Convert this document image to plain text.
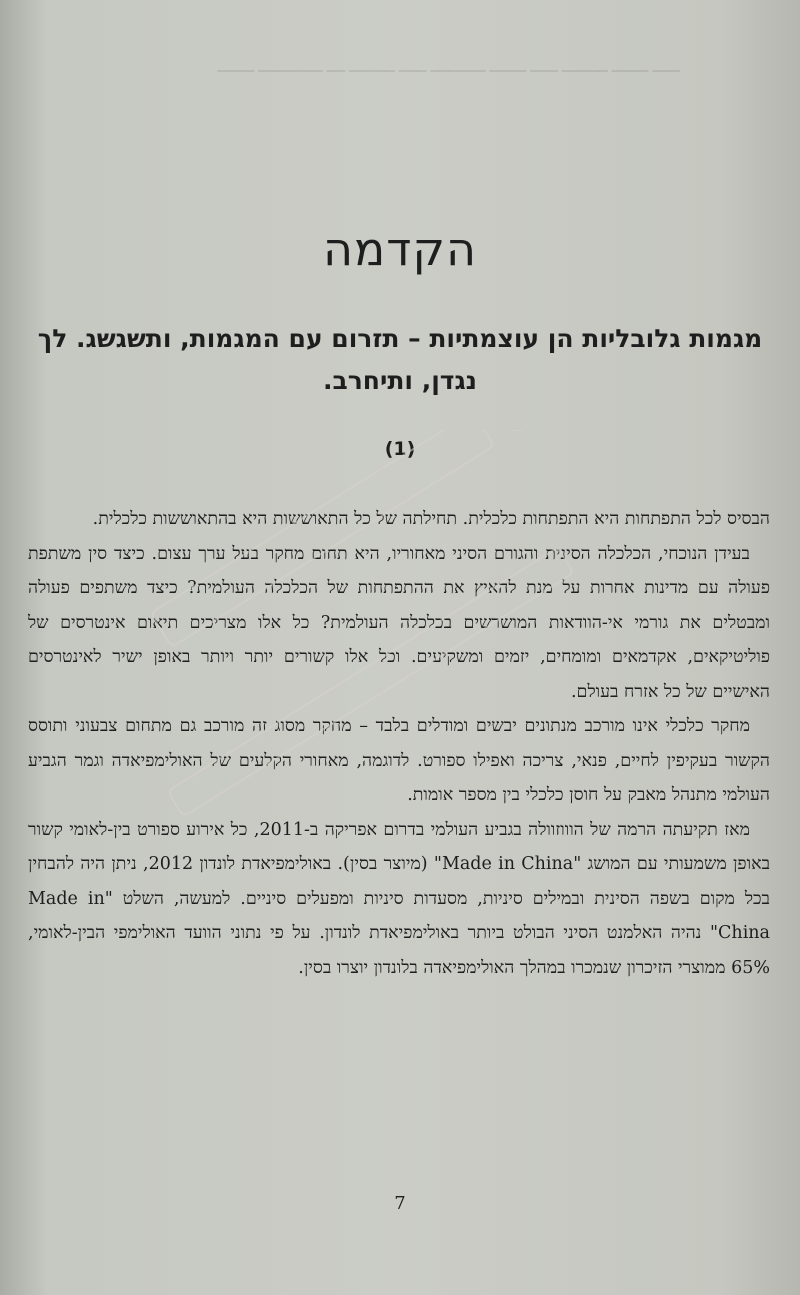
▁▁▁ ▁▁▁▁ ▁▁▁▁▁ ▁▁▁ ▁▁▁▁ ▁▁▁▁▁▁ ▁▁▁ ▁▁▁▁▁ ▁▁ ▁▁▁▁▁▁▁ ▁▁▁▁
הקדמה
מגמות גלובליות הן עוצמתיות – תזרום עם המגמות, ותשגשג. לך נגדן, ותיחרב.
(1)

הבסיס לכל התפתחות היא התפתחות כלכלית. תחילתה של כל התאוששות היא בהתאוששות כלכלית.

בעידן הנוכחי, הכלכלה הסינית והגורם הסיני מאחוריו, היא תחום מחקר בעל ערך עצום. כיצד סין משתפת פעולה עם מדינות אחרות על מנת להאיץ את ההתפתחות של הכלכלה העולמית? כיצד משתפים פעולה ומבטלים את גורמי אי-הוודאות המושרשים בכלכלה העולמית? כל אלו מצריכים תיאום אינטרסים של פוליטיקאים, אקדמאים ומומחים, יזמים ומשקיעים. וכל אלו קשורים יותר ויותר באופן ישיר לאינטרסים האישיים של כל אזרח בעולם.

מחקר כלכלי אינו מורכב מנתונים יבשים ומודלים בלבד – מחקר מסוג זה מורכב גם מתחום צבעוני ותוסס הקשור בעקיפין לחיים, פנאי, צריכה ואפילו ספורט. לדוגמה, מאחורי הקלעים של האולימפיאדה וגמר הגביע העולמי מתנהל מאבק על חוסן כלכלי בין מספר אומות.

מאז תקיעתה הרמה של הוווזוולה בגביע העולמי בדרום אפריקה ב-2011, כל אירוע ספורט בין-לאומי קשור באופן משמעותי עם המושג "Made in China" (מיוצר בסין). באולימפיאדת לונדון 2012, ניתן היה להבחין בכל מקום בשפה הסינית ובמילים סיניות, מסעדות סיניות ומפעלים סיניים. למעשה, השלט "Made in China" נהיה האלמנט הסיני הבולט ביותר באולימפיאדת לונדון. על פי נתוני הוועד האולימפי הבין-לאומי, 65% ממוצרי הזיכרון שנמכרו במהלך האולימפיאדה בלונדון יוצרו בסין.

7
